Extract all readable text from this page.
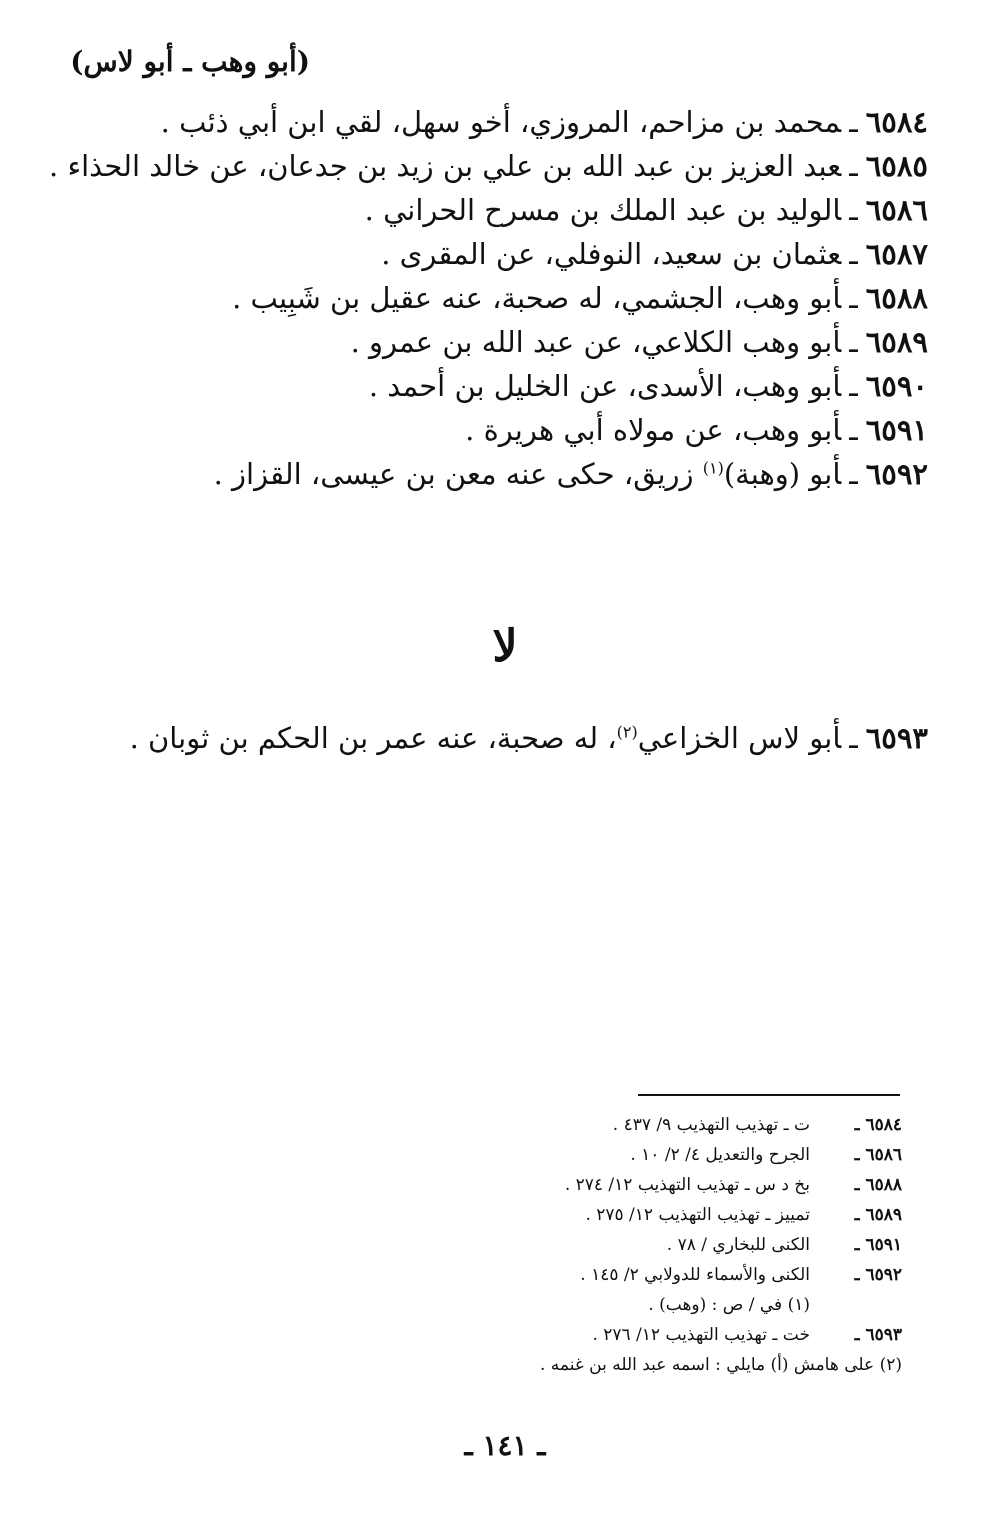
(أبو وهب ـ أبو لاس)
٦٥٨٤ـمحمد بن مزاحم، المروزي، أخو سهل، لقي ابن أبي ذئب .
٦٥٨٥ـعبد العزيز بن عبد الله بن علي بن زيد بن جدعان، عن خالد الحذاء .
٦٥٨٦ـالوليد بن عبد الملك بن مسرح الحراني .
٦٥٨٧ـعثمان بن سعيد، النوفلي، عن المقرى .
٦٥٨٨ـأبو وهب، الجشمي، له صحبة، عنه عقيل بن شَبِيب .
٦٥٨٩ـأبو وهب الكلاعي، عن عبد الله بن عمرو .
٦٥٩٠ـأبو وهب، الأسدى، عن الخليل بن أحمد .
٦٥٩١ـأبو وهب، عن مولاه أبي هريرة .
٦٥٩٢ـأبو (وهبة)$^{(١)}$ زريق، حكى عنه معن بن عيسى، القزاز .
لا
٦٥٩٣ـأبو لاس الخزاعي$^{(٢)}$، له صحبة، عنه عمر بن الحكم بن ثوبان .
٦٥٨٤ ـ
ت ـ تهذيب التهذيب ٩/ ٤٣٧ .
٦٥٨٦ ـ
الجرح والتعديل ٤/ ٢/ ١٠ .
٦٥٨٨ ـ
بخ د س ـ تهذيب التهذيب ١٢/ ٢٧٤ .
٦٥٨٩ ـ
تمييز ـ تهذيب التهذيب ١٢/ ٢٧٥ .
٦٥٩١ ـ
الكنى للبخاري / ٧٨ .
٦٥٩٢ ـ
الكنى والأسماء للدولابي ٢/ ١٤٥ .
(١) في / ص : (وهب) .
٦٥٩٣ ـ
خت ـ تهذيب التهذيب ١٢/ ٢٧٦ .
(٢) على هامش (أ) مايلي : اسمه عبد الله بن غنمه .
ـ ١٤١ ـ
